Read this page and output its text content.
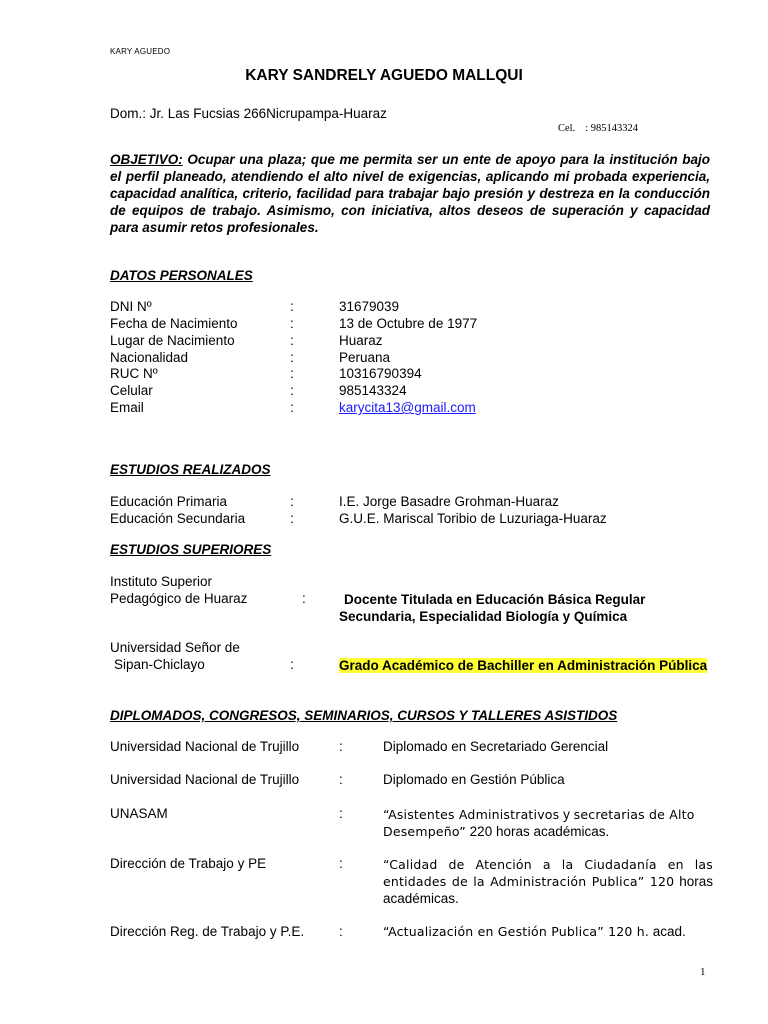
KARY AGUEDO
KARY SANDRELY AGUEDO MALLQUI
Dom.: Jr. Las Fucsias 266Nicrupampa-Huaraz
Cel. : 985143324
OBJETIVO: Ocupar una plaza; que me permita ser un ente de apoyo para la institución bajo el perfil planeado, atendiendo el alto nivel de exigencias, aplicando mi probada experiencia, capacidad analítica, criterio, facilidad para trabajar bajo presión y destreza en la conducción de equipos de trabajo. Asimismo, con iniciativa, altos deseos de superación y capacidad para asumir retos profesionales.
DATOS PERSONALES
DNI Nº	:	31679039
Fecha de Nacimiento	:	13 de Octubre de 1977
Lugar de Nacimiento	:	Huaraz
Nacionalidad	:	Peruana
RUC Nº	:	10316790394
Celular	:	985143324
Email	:	karycita13@gmail.com
ESTUDIOS REALIZADOS
Educación Primaria	:	I.E. Jorge Basadre Grohman-Huaraz
Educación Secundaria	:	G.U.E. Mariscal Toribio de Luzuriaga-Huaraz
ESTUDIOS SUPERIORES
Instituto Superior
Pedagógico de Huaraz	:	Docente Titulada en Educación Básica Regular Secundaria, Especialidad Biología y Química
Universidad Señor de
Sipan-Chiclayo	:	Grado Académico de Bachiller en Administración Pública
DIPLOMADOS, CONGRESOS, SEMINARIOS, CURSOS Y TALLERES ASISTIDOS
Universidad Nacional de Trujillo	:	Diplomado en Secretariado Gerencial
Universidad Nacional de Trujillo	:	Diplomado en Gestión Pública
UNASAM	:	“Asistentes Administrativos y secretarias de Alto Desempeño” 220 horas académicas.
Dirección de Trabajo y PE	:	“Calidad de Atención a la Ciudadanía en las entidades de la Administración Publica” 120 horas académicas.
Dirección Reg. de Trabajo y P.E.	:	“Actualización en Gestión Publica” 120 h. acad.
1
